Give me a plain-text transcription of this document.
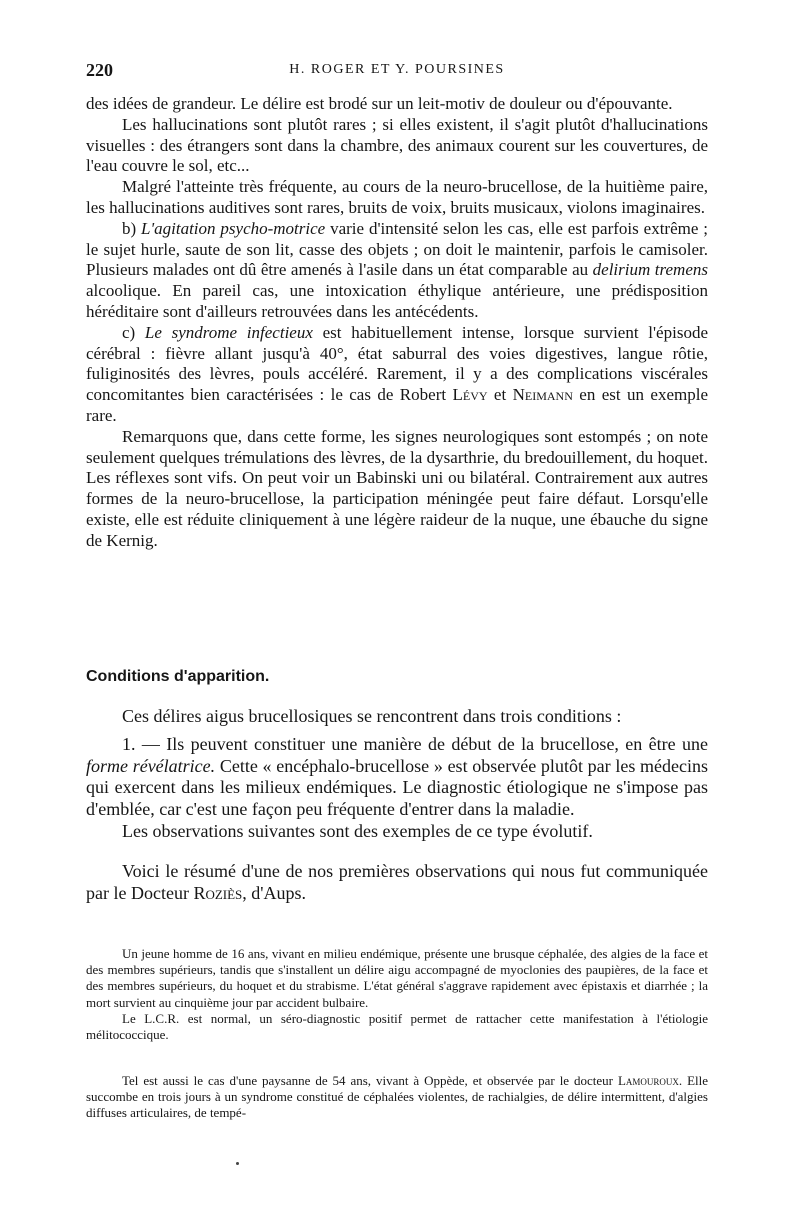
220	H. ROGER ET Y. POURSINES

des idées de grandeur. Le délire est brodé sur un leit-motiv de douleur ou d'épouvante.

Les hallucinations sont plutôt rares ; si elles existent, il s'agit plutôt d'hallucinations visuelles : des étrangers sont dans la chambre, des animaux courent sur les couvertures, de l'eau couvre le sol, etc...

Malgré l'atteinte très fréquente, au cours de la neuro-brucellose, de la huitième paire, les hallucinations auditives sont rares, bruits de voix, bruits musicaux, violons imaginaires.

b) L'agitation psycho-motrice varie d'intensité selon les cas, elle est parfois extrême ; le sujet hurle, saute de son lit, casse des objets ; on doit le maintenir, parfois le camisoler. Plusieurs malades ont dû être amenés à l'asile dans un état comparable au delirium tremens alcoolique. En pareil cas, une intoxication éthylique antérieure, une prédisposition héréditaire sont d'ailleurs retrouvées dans les antécédents.

c) Le syndrome infectieux est habituellement intense, lorsque survient l'épisode cérébral : fièvre allant jusqu'à 40°, état saburral des voies digestives, langue rôtie, fuliginosités des lèvres, pouls accéléré. Rarement, il y a des complications viscérales concomitantes bien caractérisées : le cas de Robert Lévy et Neimann en est un exemple rare.

Remarquons que, dans cette forme, les signes neurologiques sont estompés ; on note seulement quelques trémulations des lèvres, de la dysarthrie, du bredouillement, du hoquet. Les réflexes sont vifs. On peut voir un Babinski uni ou bilatéral. Contrairement aux autres formes de la neuro-brucellose, la participation méningée peut faire défaut. Lorsqu'elle existe, elle est réduite cliniquement à une légère raideur de la nuque, une ébauche du signe de Kernig.

Conditions d'apparition.

Ces délires aigus brucellosiques se rencontrent dans trois conditions :

1. — Ils peuvent constituer une manière de début de la brucellose, en être une forme révélatrice. Cette « encéphalo-brucellose » est observée plutôt par les médecins qui exercent dans les milieux endémiques. Le diagnostic étiologique ne s'impose pas d'emblée, car c'est une façon peu fréquente d'entrer dans la maladie.

Les observations suivantes sont des exemples de ce type évolutif.

Voici le résumé d'une de nos premières observations qui nous fut communiquée par le Docteur Roziès, d'Aups.

Un jeune homme de 16 ans, vivant en milieu endémique, présente une brusque céphalée, des algies de la face et des membres supérieurs, tandis que s'installent un délire aigu accompagné de myoclonies des paupières, de la face et des membres supérieurs, du hoquet et du strabisme. L'état général s'aggrave rapidement avec épistaxis et diarrhée ; la mort survient au cinquième jour par accident bulbaire.

Le L.C.R. est normal, un séro-diagnostic positif permet de rattacher cette manifestation à l'étiologie mélitococcique.

Tel est aussi le cas d'une paysanne de 54 ans, vivant à Oppède, et observée par le docteur Lamouroux. Elle succombe en trois jours à un syndrome constitué de céphalées violentes, de rachialgies, de délire intermittent, d'algies diffuses articulaires, de tempé-
